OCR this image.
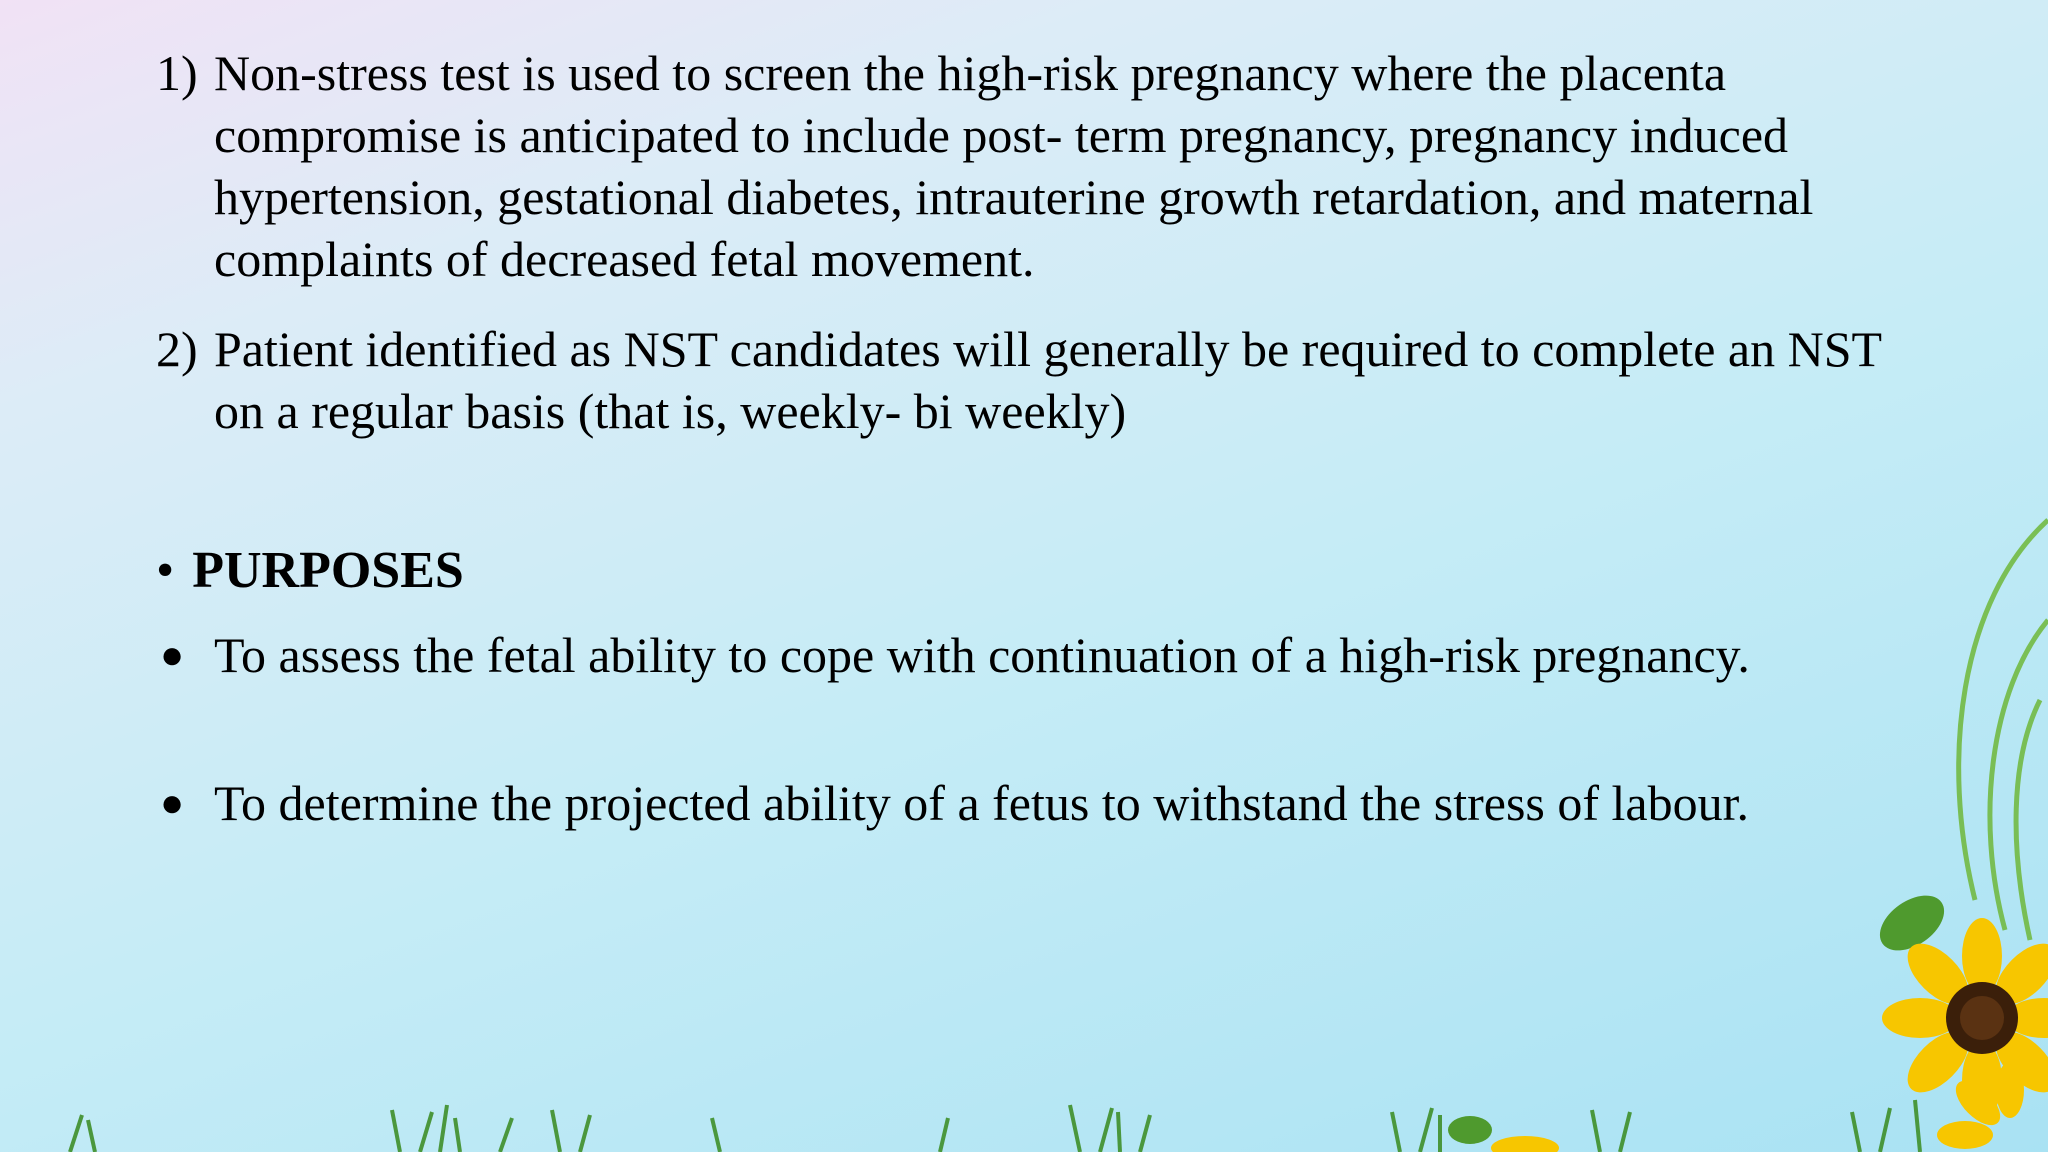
1) Non-stress test is used to screen the high-risk pregnancy where the placenta compromise is anticipated to include post- term pregnancy, pregnancy induced hypertension, gestational diabetes, intrauterine growth retardation, and maternal complaints of decreased fetal movement.
2) Patient identified as NST candidates will generally be required to complete an NST on a regular basis (that is, weekly- bi weekly)
• PURPOSES
● To assess the fetal ability to cope with continuation of a high-risk pregnancy.
● To determine the projected ability of a fetus to withstand the stress of labour.
